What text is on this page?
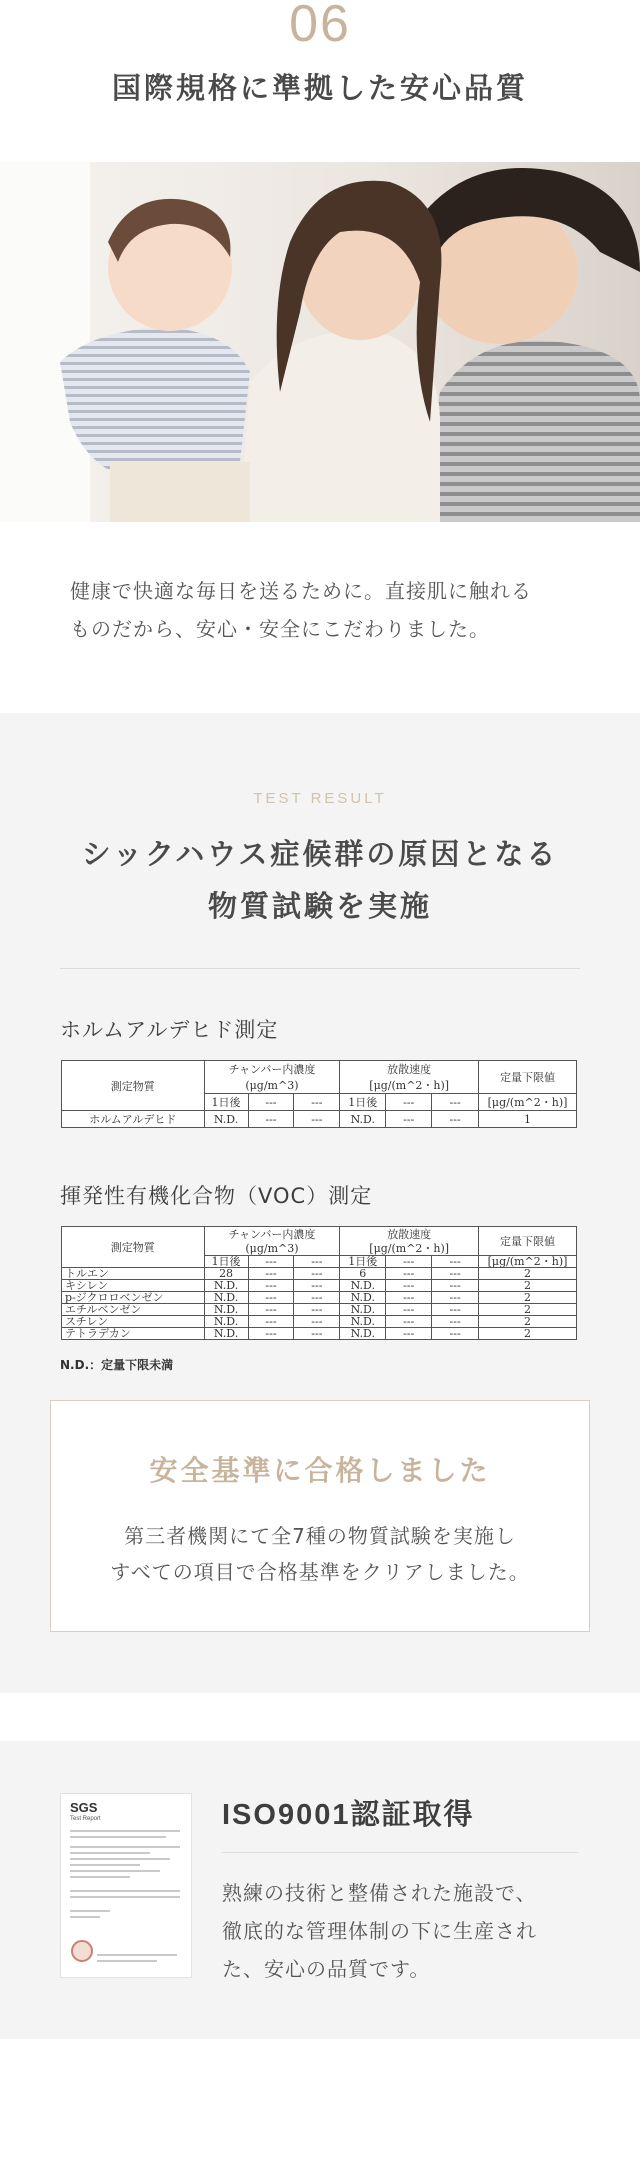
06
国際規格に準拠した安心品質
健康で快適な毎日を送るために。直接肌に触れる
ものだから、安心・安全にこだわりました。
TEST RESULT
シックハウス症候群の原因となる
物質試験を実施
ホルムアルデヒド測定
測定物質	チャンバー内濃度			放散速度			定量下限値
	(μg/m^3)			[μg/(m^2・h)]			
	1日後	---	---	1日後	---	---	[μg/(m^2・h)]
ホルムアルデヒド	N.D.	---	---	N.D.	---	---	1
揮発性有機化合物（VOC）測定
測定物質	チャンバー内濃度			放散速度			定量下限値
	(μg/m^3)			[μg/(m^2・h)]			
	1日後	---	---	1日後	---	---	[μg/(m^2・h)]
トルエン	28	---	---	6	---	---	2
キシレン	N.D.	---	---	N.D.	---	---	2
p-ジクロロベンゼン	N.D.	---	---	N.D.	---	---	2
エチルベンゼン	N.D.	---	---	N.D.	---	---	2
スチレン	N.D.	---	---	N.D.	---	---	2
テトラデカン	N.D.	---	---	N.D.	---	---	2
N.D.：定量下限未満
安全基準に合格しました
第三者機関にて全7種の物質試験を実施し
すべての項目で合格基準をクリアしました。
SGS
Test Report	ISO9001認証取得
熟練の技術と整備された施設で、
徹底的な管理体制の下に生産され
た、安心の品質です。
